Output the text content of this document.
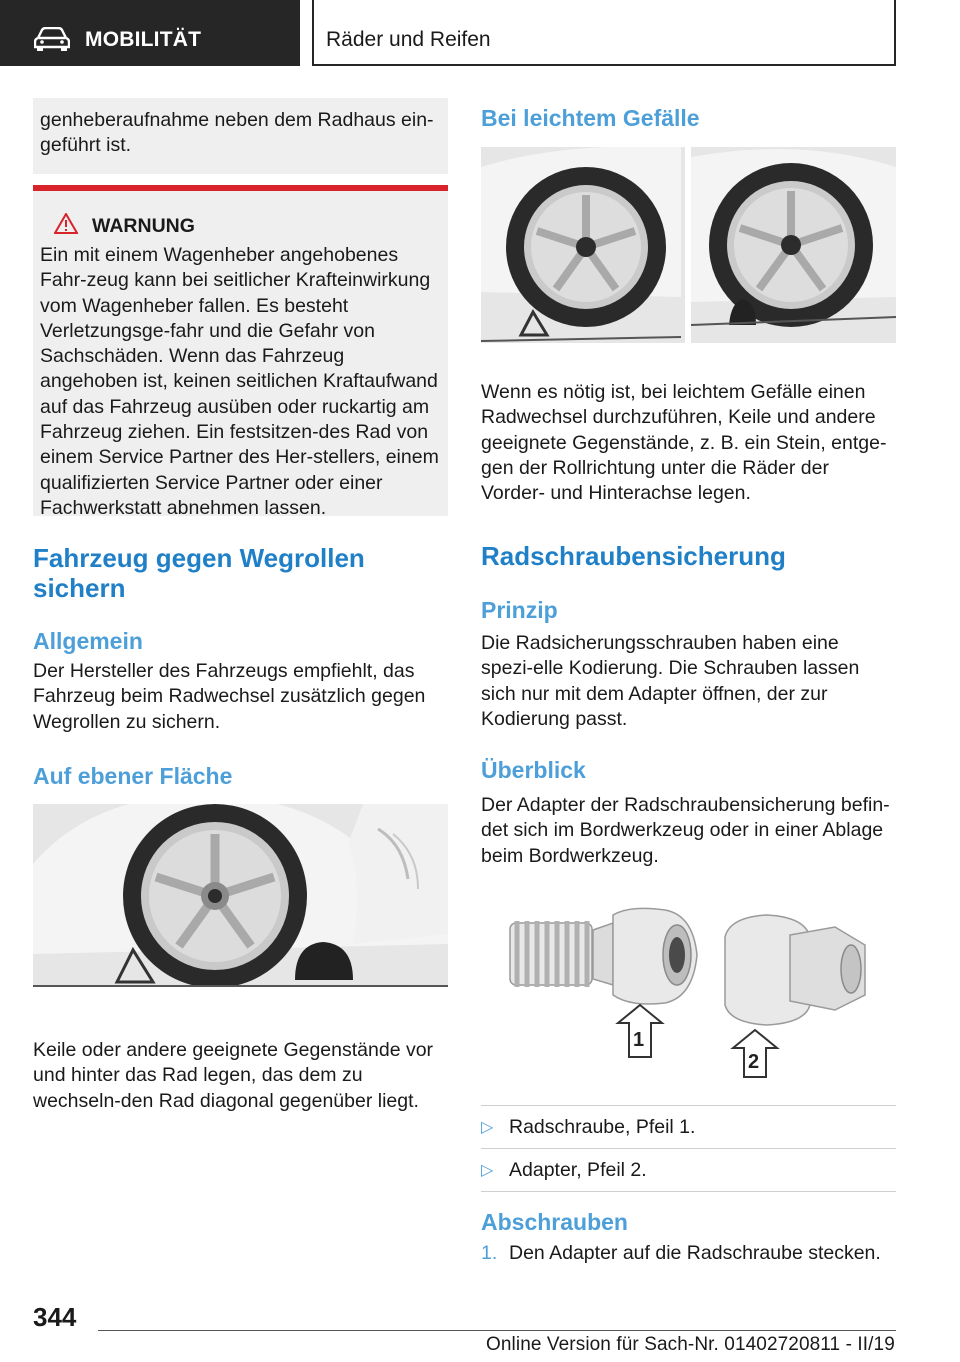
MOBILITÄT	Räder und Reifen

genheberaufnahme neben dem Radhaus ein-geführt ist.

WARNUNG

Ein mit einem Wagenheber angehobenes Fahr-zeug kann bei seitlicher Krafteinwirkung vom Wagenheber fallen. Es besteht Verletzungsge-fahr und die Gefahr von Sachschäden. Wenn das Fahrzeug angehoben ist, keinen seitlichen Kraftaufwand auf das Fahrzeug ausüben oder ruckartig am Fahrzeug ziehen. Ein festsitzen-des Rad von einem Service Partner des Her-stellers, einem qualifizierten Service Partner oder einer Fachwerkstatt abnehmen lassen.

Fahrzeug gegen Wegrollen
sichern
Allgemein

Der Hersteller des Fahrzeugs empfiehlt, das Fahrzeug beim Radwechsel zusätzlich gegen Wegrollen zu sichern.

Auf ebener Fläche

Keile oder andere geeignete Gegenstände vor und hinter das Rad legen, das dem zu wechseln-den Rad diagonal gegenüber liegt.

Bei leichtem Gefälle

Wenn es nötig ist, bei leichtem Gefälle einen Radwechsel durchzuführen, Keile und andere geeignete Gegenstände, z. B. ein Stein, entge-gen der Rollrichtung unter die Räder der Vorder- und Hinterachse legen.

Radschraubensicherung
Prinzip

Die Radsicherungsschrauben haben eine spezi-elle Kodierung. Die Schrauben lassen sich nur mit dem Adapter öffnen, der zur Kodierung passt.

Überblick

Der Adapter der Radschraubensicherung befin-det sich im Bordwerkzeug oder in einer Ablage beim Bordwerkzeug.

1
2
▷ Radschraube, Pfeil 1.
▷ Adapter, Pfeil 2.
Abschrauben
1. Den Adapter auf die Radschraube stecken.
344
Online Version für Sach-Nr. 01402720811 - II/19
